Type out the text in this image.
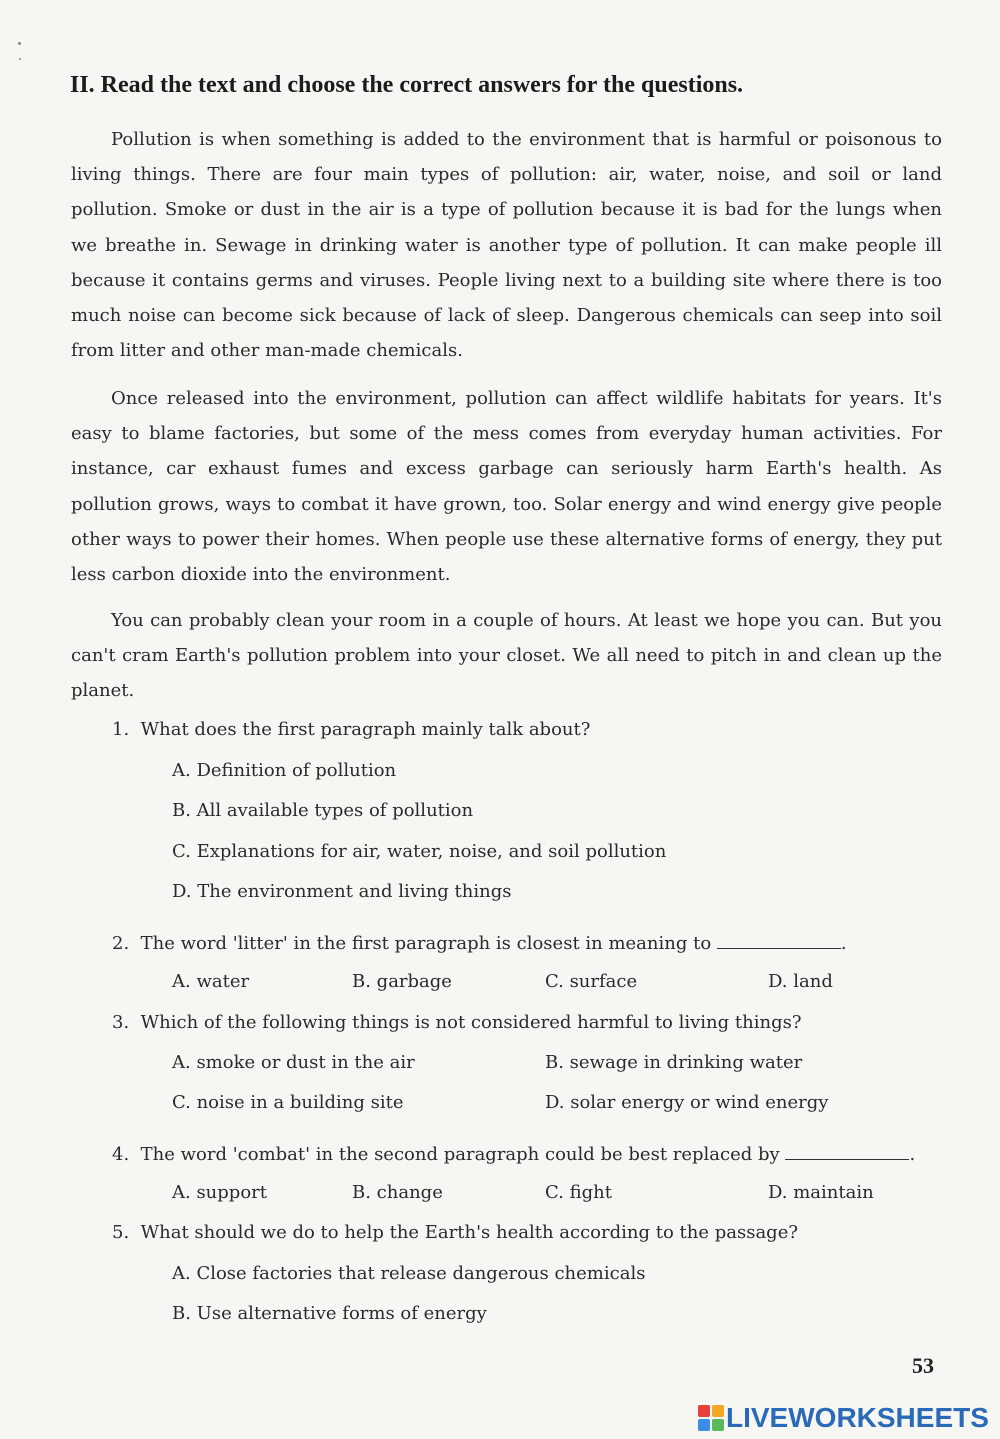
II. Read the text and choose the correct answers for the questions.

Pollution is when something is added to the environment that is harmful or poisonous to living things. There are four main types of pollution: air, water, noise, and soil or land pollution. Smoke or dust in the air is a type of pollution because it is bad for the lungs when we breathe in. Sewage in drinking water is another type of pollution. It can make people ill because it contains germs and viruses. People living next to a building site where there is too much noise can become sick because of lack of sleep. Dangerous chemicals can seep into soil from litter and other man-made chemicals.

Once released into the environment, pollution can affect wildlife habitats for years. It's easy to blame factories, but some of the mess comes from everyday human activities. For instance, car exhaust fumes and excess garbage can seriously harm Earth's health. As pollution grows, ways to combat it have grown, too. Solar energy and wind energy give people other ways to power their homes. When people use these alternative forms of energy, they put less carbon dioxide into the environment.

You can probably clean your room in a couple of hours. At least we hope you can. But you can't cram Earth's pollution problem into your closet. We all need to pitch in and clean up the planet.

1. What does the first paragraph mainly talk about?
A. Definition of pollution
B. All available types of pollution
C. Explanations for air, water, noise, and soil pollution
D. The environment and living things
2. The word 'litter' in the first paragraph is closest in meaning to	.
A. water	B. garbage	C. surface	D. land
3. Which of the following things is not considered harmful to living things?
A. smoke or dust in the air	B. sewage in drinking water
C. noise in a building site	D. solar energy or wind energy
4. The word 'combat' in the second paragraph could be best replaced by	.
A. support	B. change	C. fight	D. maintain
5. What should we do to help the Earth's health according to the passage?
A. Close factories that release dangerous chemicals
B. Use alternative forms of energy
53
LIVEWORKSHEETS
